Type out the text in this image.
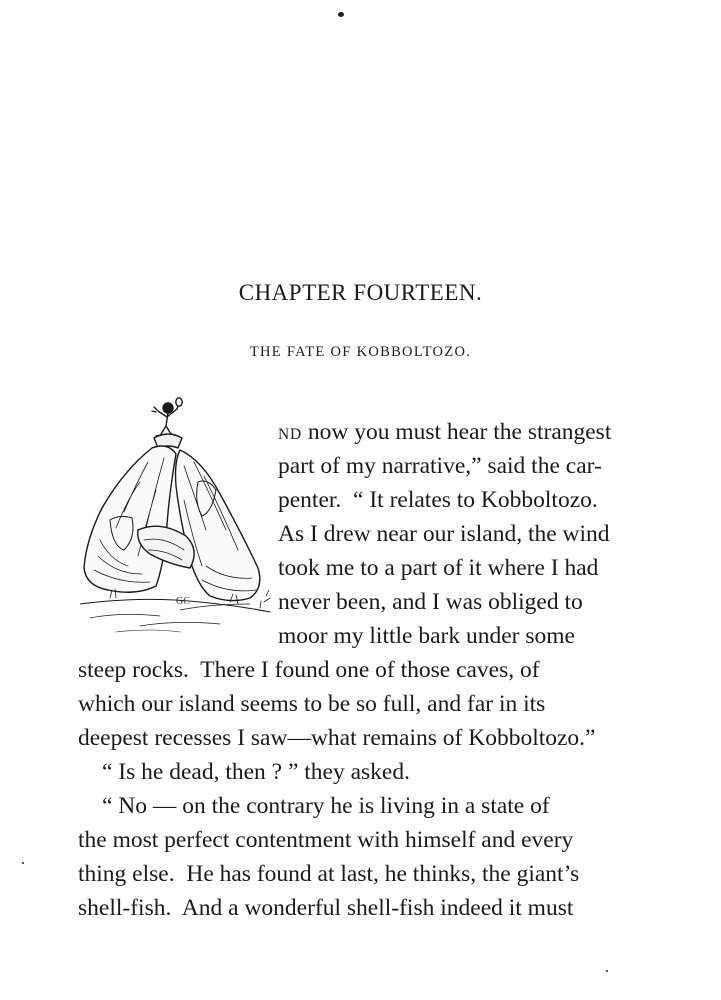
CHAPTER FOURTEEN.
THE FATE OF KOBBOLTOZO.
GC

ND now you must hear the strangest

part of my narrative,” said the car-

penter.  “ It relates to Kobboltozo.

As I drew near our island, the wind

took me to a part of it where I had

never been, and I was obliged to

moor my little bark under some

steep rocks.  There I found one of those caves, of

which our island seems to be so full, and far in its

deepest recesses I saw—what remains of Kobboltozo.”

“ Is he dead, then ? ” they asked.

“ No — on the contrary he is living in a state of

the most perfect contentment with himself and every

thing else.  He has found at last, he thinks, the giant’s

shell-fish.  And a wonderful shell-fish indeed it must
